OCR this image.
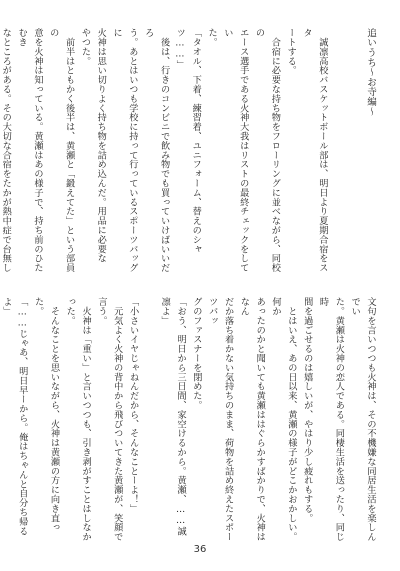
追いうち〜お寺編〜

　誠凛高校バスケットボール部は、明日より夏期合宿をスタ

ートする。

　合宿に必要な持ち物をフローリングに並べながら、同校の

エース選手である火神大我はリストの最終チェックをしてい

た。

「タオル、下着、練習着、ユニフォーム、替えのシャツ……」

　後は、行きのコンビニで飲み物でも買っていけばいいだろ

う。あとはいつも学校に持って行っているスポーツバッグに

火神は思い切りよく持ち物を詰め込んだ。用品に必要な

やつた。

　前半はともかく後半は、黄瀬と「鍛えてた」という部員の

意を火神は知っている。黄瀬はあの様子で、持ち前のひたむき

なところがある。その大切な合宿をたかが熱中症で台無し

文句を言いつつも火神は、その不機嫌な同居生活を楽しんでい

た。黄瀬は火神の恋人である。同棲生活を送ったり、同じ時

間を過ごせるのは嬉しいが、やはり少し疲れもする。

　とはいえ、あの日以来、黄瀬の様子がどこかおかしい。何か

あったのかと聞いても黄瀬ははぐらかすばかりで、火神はなん

だか落ち着かない気持ちのまま、荷物を詰め終えたスポーツバッ

グのファスナーを閉めた。

「おう、明日から三日間、家空けるから。黄瀬、……誠

凛よ」

「小さいイヤじゃねんだから、そんなことーよ！」

　元気よく火神の背中から飛びついてきた黄瀬が、笑顔で言う。

　火神は「重い」と言いつつも、引き剥がすことはしなかった。

　そんなことを思いながら、火神は黄瀬の方に向き直った。

「……じゃあ、明日早ーから。俺はちゃんと自分ち帰るよ」

36
